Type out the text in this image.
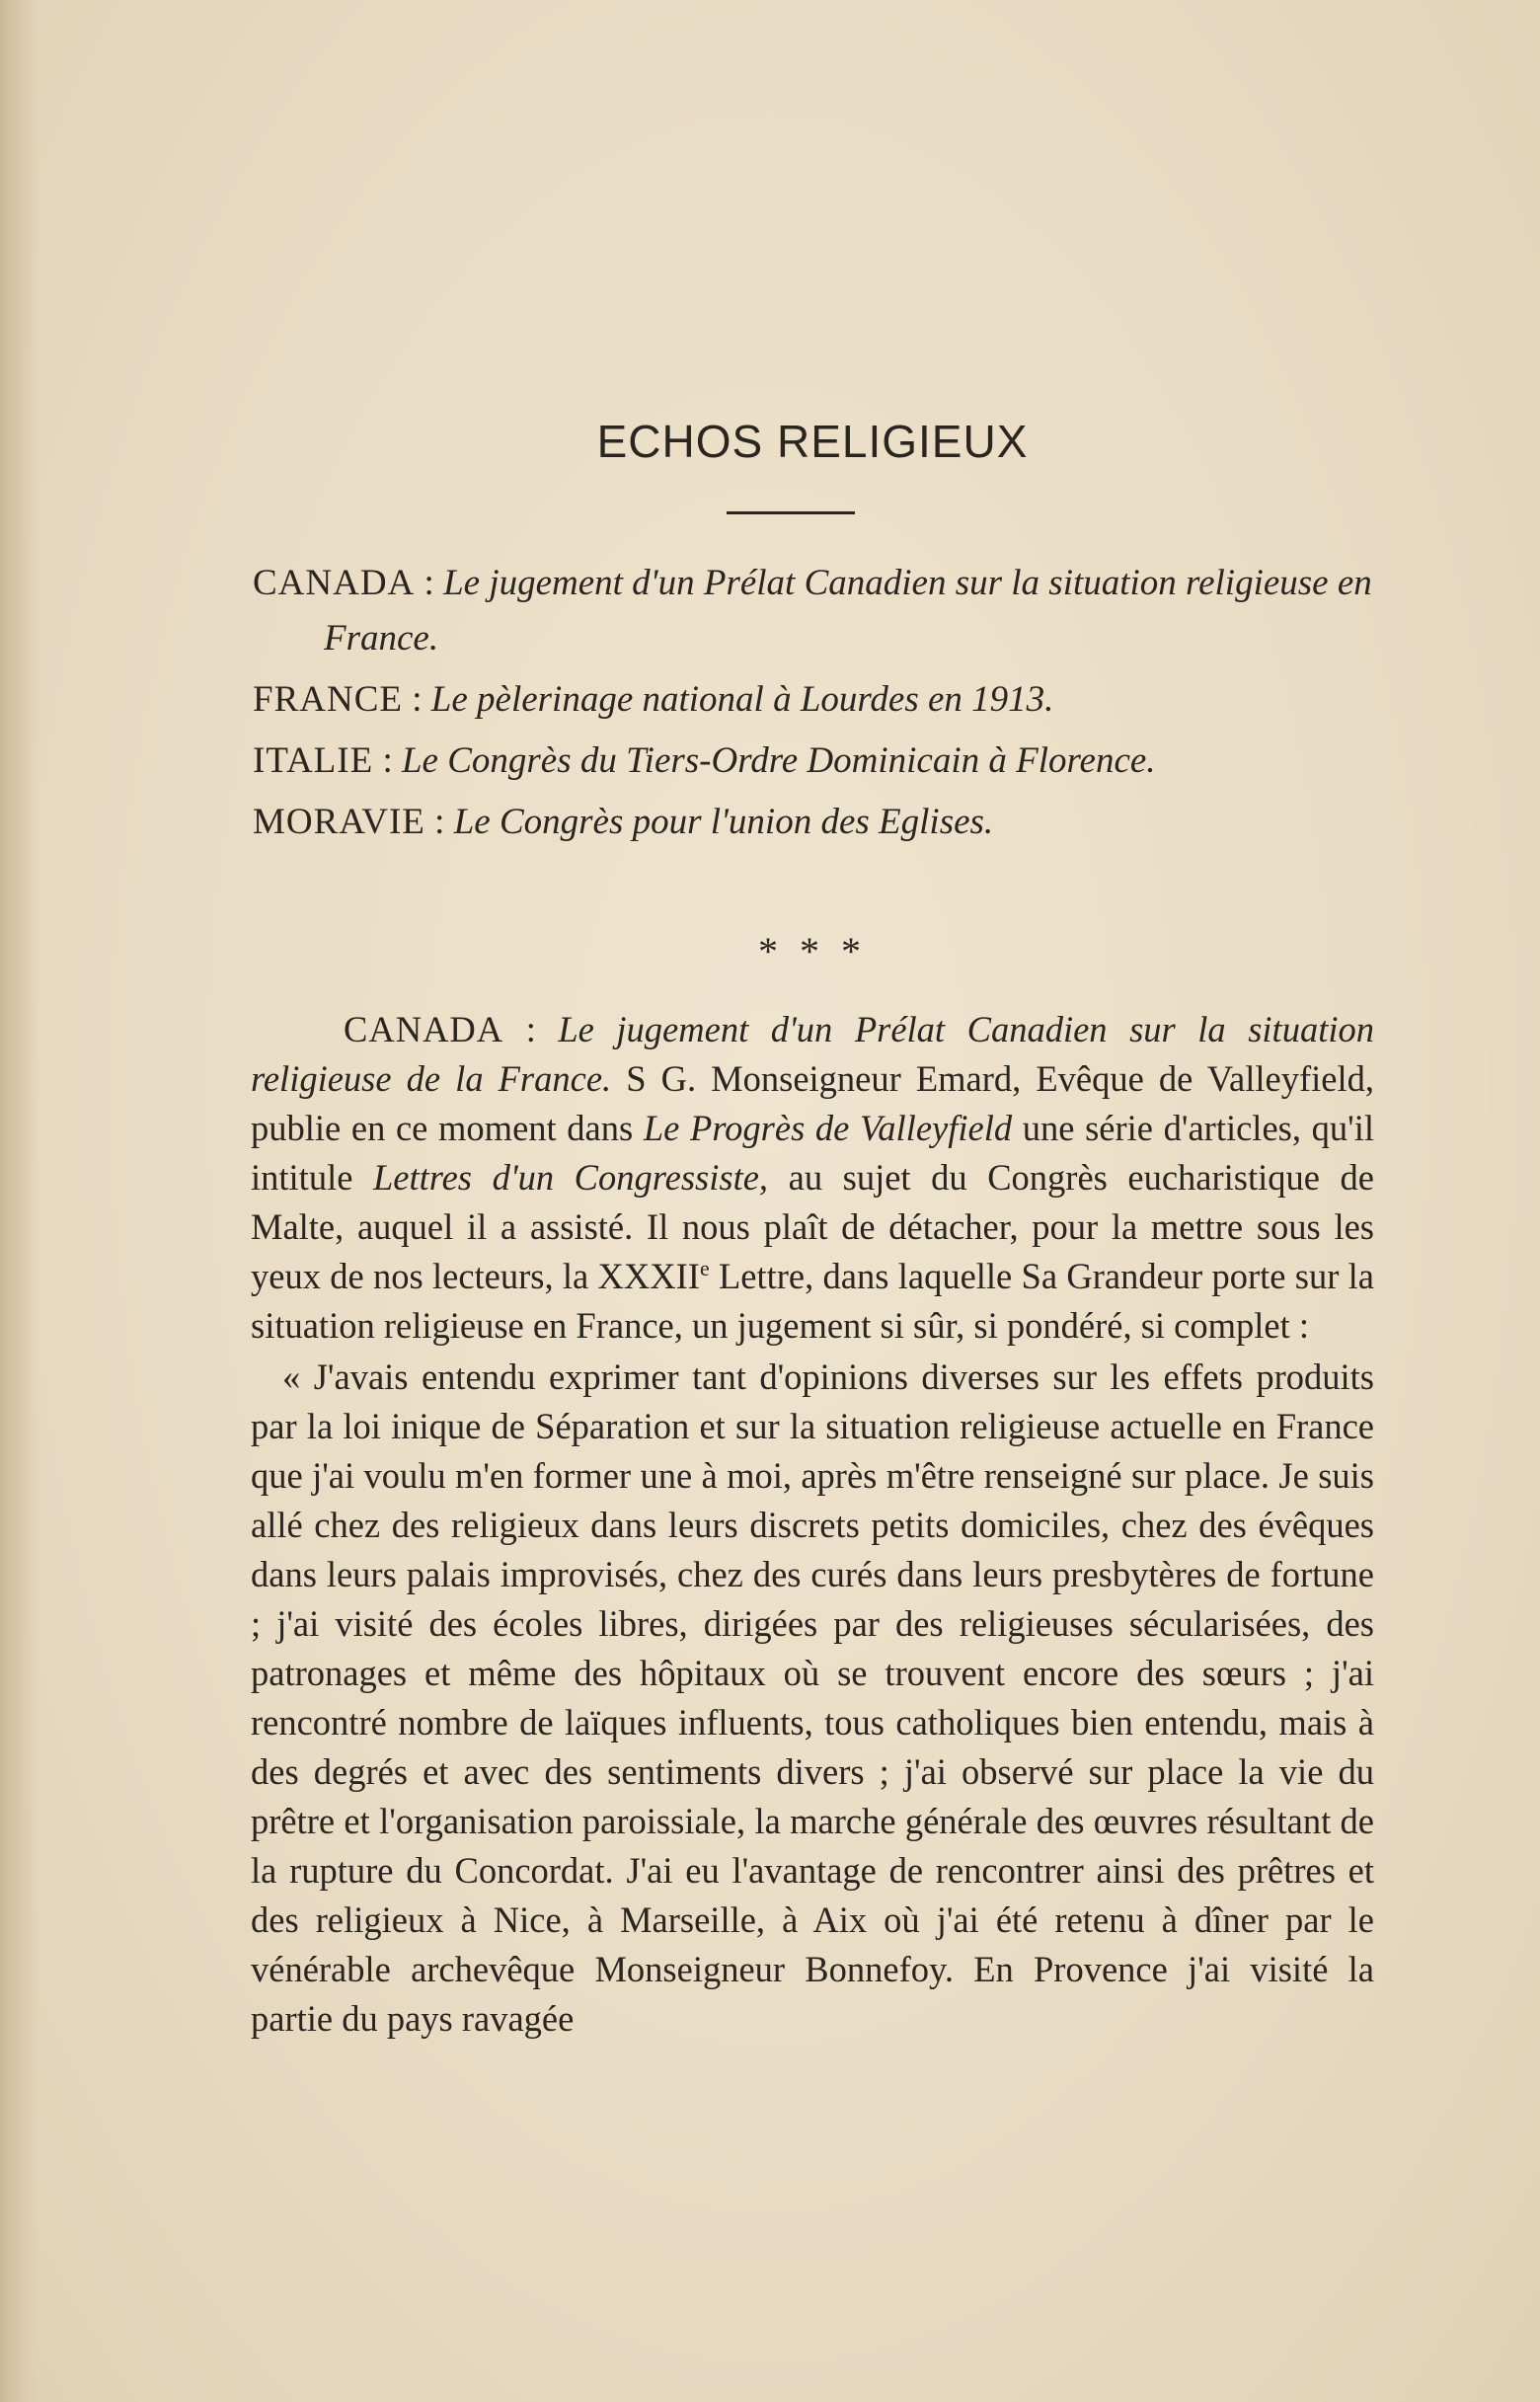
ECHOS RELIGIEUX
CANADA : Le jugement d'un Prélat Canadien sur la situation religieuse en France.
FRANCE : Le pèlerinage national à Lourdes en 1913.
ITALIE : Le Congrès du Tiers-Ordre Dominicain à Florence.
MORAVIE : Le Congrès pour l'union des Eglises.
* * *

CANADA : Le jugement d'un Prélat Canadien sur la situation religieuse de la France. S G. Monseigneur Emard, Evêque de Valleyfield, publie en ce moment dans Le Progrès de Valleyfield une série d'articles, qu'il intitule Lettres d'un Congressiste, au sujet du Congrès eucharistique de Malte, auquel il a assisté. Il nous plaît de détacher, pour la mettre sous les yeux de nos lecteurs, la XXXIIe Lettre, dans laquelle Sa Grandeur porte sur la situation religieuse en France, un jugement si sûr, si pondéré, si complet :

« J'avais entendu exprimer tant d'opinions diverses sur les effets produits par la loi inique de Séparation et sur la situation religieuse actuelle en France que j'ai voulu m'en former une à moi, après m'être renseigné sur place. Je suis allé chez des religieux dans leurs discrets petits domiciles, chez des évêques dans leurs palais improvisés, chez des curés dans leurs presbytères de fortune ; j'ai visité des écoles libres, dirigées par des religieuses sécularisées, des patronages et même des hôpitaux où se trouvent encore des sœurs ; j'ai rencontré nombre de laïques influents, tous catholiques bien entendu, mais à des degrés et avec des sentiments divers ; j'ai observé sur place la vie du prêtre et l'organisation paroissiale, la marche générale des œuvres résultant de la rupture du Concordat. J'ai eu l'avantage de rencontrer ainsi des prêtres et des religieux à Nice, à Marseille, à Aix où j'ai été retenu à dîner par le vénérable archevêque Monseigneur Bonnefoy. En Provence j'ai visité la partie du pays ravagée
